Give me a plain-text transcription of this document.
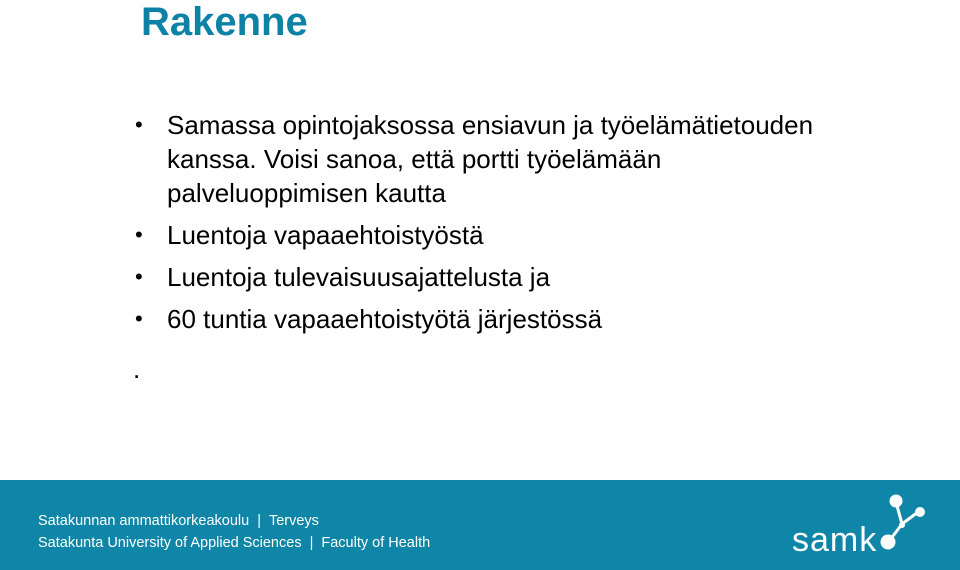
Rakenne
• Samassa opintojaksossa ensiavun ja työelämätietouden kanssa. Voisi sanoa, että portti työelämään palveluoppimisen kautta
• Luentoja vapaaehtoistyöstä
• Luentoja tulevaisuusajattelusta ja
• 60 tuntia vapaaehtoistyötä järjestössä
.
Satakunnan ammattikorkeakoulu | Terveys
Satakunta University of Applied Sciences | Faculty of Health	samk
